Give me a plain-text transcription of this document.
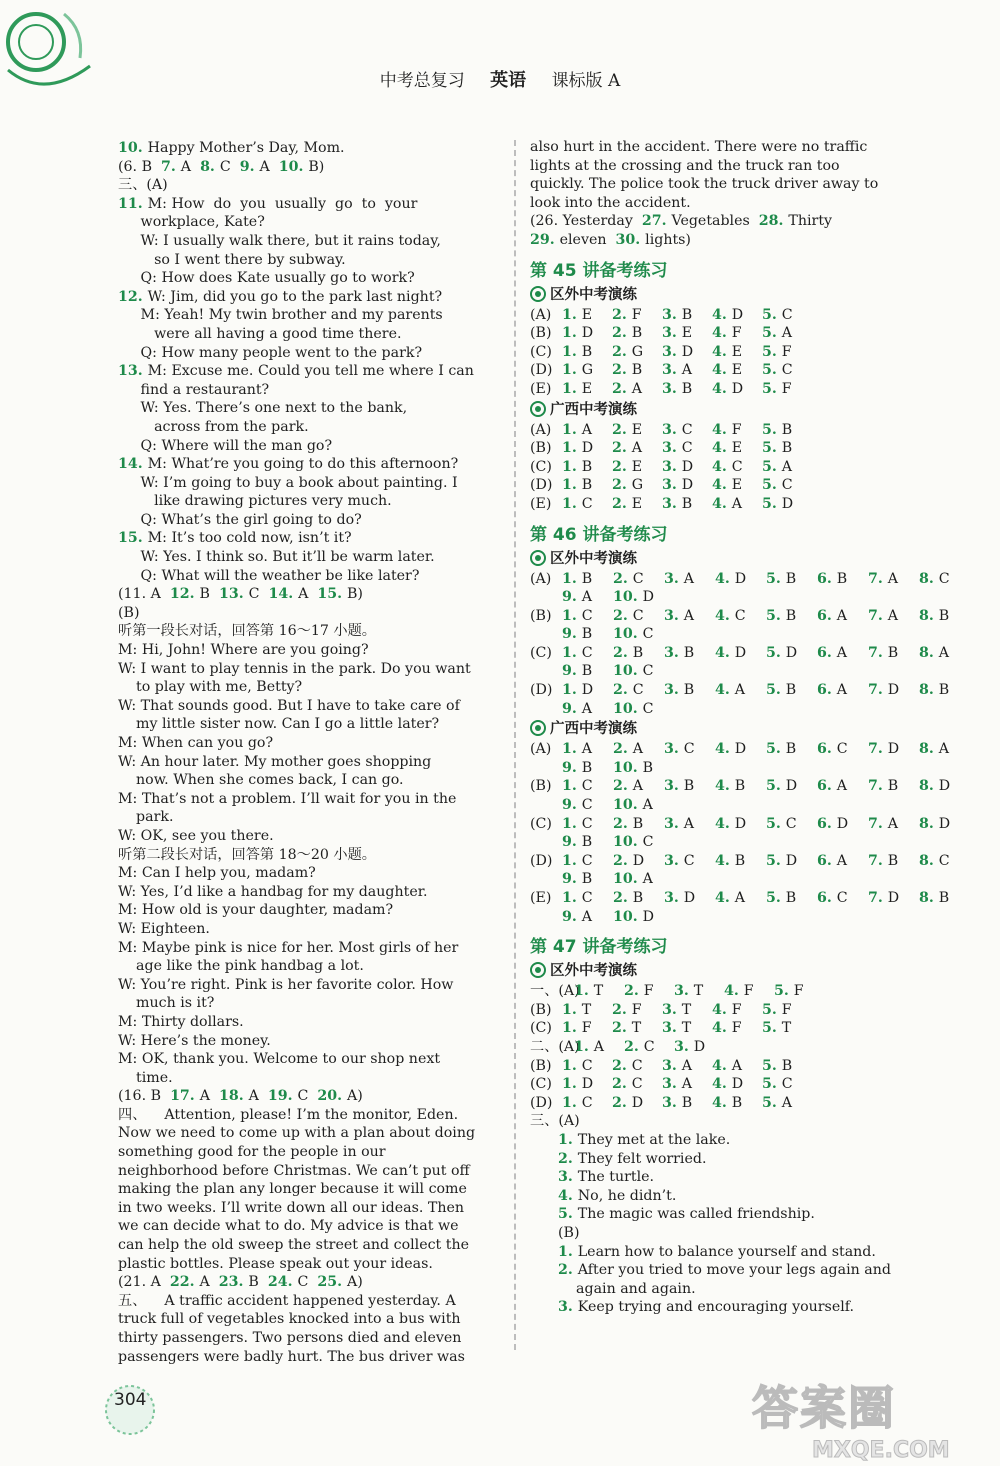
中考总复习 英语 课标版 A
10. Happy Mother’s Day, Mom.
(6. B  7. A  8. C  9. A  10. B)
三、(A)
11. M: How  do  you  usually  go  to  your
workplace, Kate?
W: I usually walk there, but it rains today,
so I went there by subway.
Q: How does Kate usually go to work?
12. W: Jim, did you go to the park last night?
M: Yeah! My twin brother and my parents
were all having a good time there.
Q: How many people went to the park?
13. M: Excuse me. Could you tell me where I can
find a restaurant?
W: Yes. There’s one next to the bank,
across from the park.
Q: Where will the man go?
14. M: What’re you going to do this afternoon?
W: I’m going to buy a book about painting. I
like drawing pictures very much.
Q: What’s the girl going to do?
15. M: It’s too cold now, isn’t it?
W: Yes. I think so. But it’ll be warm later.
Q: What will the weather be like later?
(11. A  12. B  13. C  14. A  15. B)
(B)
听第一段长对话，回答第 16～17 小题。
M: Hi, John! Where are you going?
W: I want to play tennis in the park. Do you want
to play with me, Betty?
W: That sounds good. But I have to take care of
my little sister now. Can I go a little later?
M: When can you go?
W: An hour later. My mother goes shopping
now. When she comes back, I can go.
M: That’s not a problem. I’ll wait for you in the
park.
W: OK, see you there.
听第二段长对话，回答第 18～20 小题。
M: Can I help you, madam?
W: Yes, I’d like a handbag for my daughter.
M: How old is your daughter, madam?
W: Eighteen.
M: Maybe pink is nice for her. Most girls of her
age like the pink handbag a lot.
W: You’re right. Pink is her favorite color. How
much is it?
M: Thirty dollars.
W: Here’s the money.
M: OK, thank you. Welcome to our shop next
time.
(16. B  17. A  18. A  19. C  20. A)
四、    Attention, please! I’m the monitor, Eden.
Now we need to come up with a plan about doing
something good for the people in our
neighborhood before Christmas. We can’t put off
making the plan any longer because it will come
in two weeks. I’ll write down all our ideas. Then
we can decide what to do. My advice is that we
can help the old sweep the street and collect the
plastic bottles. Please speak out your ideas.
(21. A  22. A  23. B  24. C  25. A)
五、    A traffic accident happened yesterday. A
truck full of vegetables knocked into a bus with
thirty passengers. Two persons died and eleven
passengers were badly hurt. The bus driver was
also hurt in the accident. There were no traffic
lights at the crossing and the truck ran too
quickly. The police took the truck driver away to
look into the accident.
(26. Yesterday  27. Vegetables  28. Thirty
29. eleven  30. lights)
第 45 讲备考练习
区外中考演练
(A) 1. E 2. F 3. B 4. D 5. C
(B) 1. D 2. B 3. E 4. F 5. A
(C) 1. B 2. G 3. D 4. E 5. F
(D) 1. G 2. B 3. A 4. E 5. C
(E) 1. E 2. A 3. B 4. D 5. F
广西中考演练
(A) 1. A 2. E 3. C 4. F 5. B
(B) 1. D 2. A 3. C 4. E 5. B
(C) 1. B 2. E 3. D 4. C 5. A
(D) 1. B 2. G 3. D 4. E 5. C
(E) 1. C 2. E 3. B 4. A 5. D
第 46 讲备考练习
区外中考演练
(A) 1. B 2. C 3. A 4. D 5. B 6. B 7. A 8. C
9. A 10. D
(B) 1. C 2. C 3. A 4. C 5. B 6. A 7. A 8. B
9. B 10. C
(C) 1. C 2. B 3. B 4. D 5. D 6. A 7. B 8. A
9. B 10. C
(D) 1. D 2. C 3. B 4. A 5. B 6. A 7. D 8. B
9. A 10. C
广西中考演练
(A) 1. A 2. A 3. C 4. D 5. B 6. C 7. D 8. A
9. B 10. B
(B) 1. C 2. A 3. B 4. B 5. D 6. A 7. B 8. D
9. C 10. A
(C) 1. C 2. B 3. A 4. D 5. C 6. D 7. A 8. D
9. B 10. C
(D) 1. C 2. D 3. C 4. B 5. D 6. A 7. B 8. C
9. B 10. A
(E) 1. C 2. B 3. D 4. A 5. B 6. C 7. D 8. B
9. A 10. D
第 47 讲备考练习
区外中考演练
一、(A)1. T 2. F 3. T 4. F 5. F
(B) 1. T 2. F 3. T 4. F 5. F
(C) 1. F 2. T 3. T 4. F 5. T
二、(A)1. A 2. C 3. D
(B) 1. C 2. C 3. A 4. A 5. B
(C) 1. D 2. C 3. A 4. D 5. C
(D) 1. C 2. D 3. B 4. B 5. A
三、(A)
1. They met at the lake.
2. They felt worried.
3. The turtle.
4. No, he didn’t.
5. The magic was called friendship.
(B)
1. Learn how to balance yourself and stand.
2. After you tried to move your legs again and
again and again.
3. Keep trying and encouraging yourself.
304	答案圈
MXQE.COM
